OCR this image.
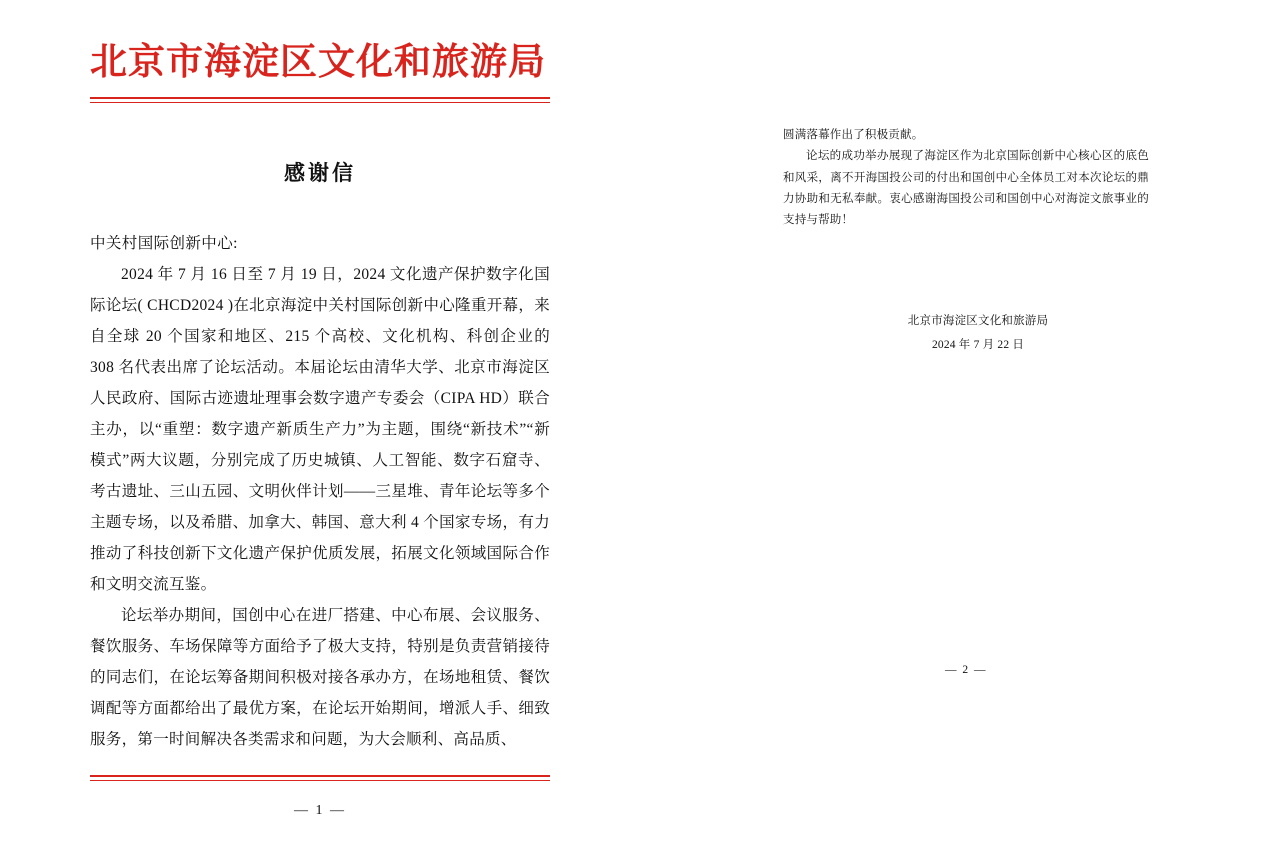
北京市海淀区文化和旅游局
感谢信
中关村国际创新中心:

2024 年 7 月 16 日至 7 月 19 日，2024 文化遗产保护数字化国际论坛( CHCD2024 )在北京海淀中关村国际创新中心隆重开幕，来自全球 20 个国家和地区、215 个高校、文化机构、科创企业的 308 名代表出席了论坛活动。本届论坛由清华大学、北京市海淀区人民政府、国际古迹遗址理事会数字遗产专委会（CIPA HD）联合主办，以“重塑：数字遗产新质生产力”为主题，围绕“新技术”“新模式”两大议题，分别完成了历史城镇、人工智能、数字石窟寺、考古遗址、三山五园、文明伙伴计划——三星堆、青年论坛等多个主题专场，以及希腊、加拿大、韩国、意大利 4 个国家专场，有力推动了科技创新下文化遗产保护优质发展，拓展文化领域国际合作和文明交流互鉴。

论坛举办期间，国创中心在进厂搭建、中心布展、会议服务、餐饮服务、车场保障等方面给予了极大支持，特别是负责营销接待的同志们，在论坛筹备期间积极对接各承办方，在场地租赁、餐饮调配等方面都给出了最优方案，在论坛开始期间，增派人手、细致服务，第一时间解决各类需求和问题，为大会顺利、高品质、

— 1 —

圆满落幕作出了积极贡献。

论坛的成功举办展现了海淀区作为北京国际创新中心核心区的底色和风采，离不开海国投公司的付出和国创中心全体员工对本次论坛的鼎力协助和无私奉献。衷心感谢海国投公司和国创中心对海淀文旅事业的支持与帮助！

北京市海淀区文化和旅游局
2024 年 7 月 22 日
— 2 —
